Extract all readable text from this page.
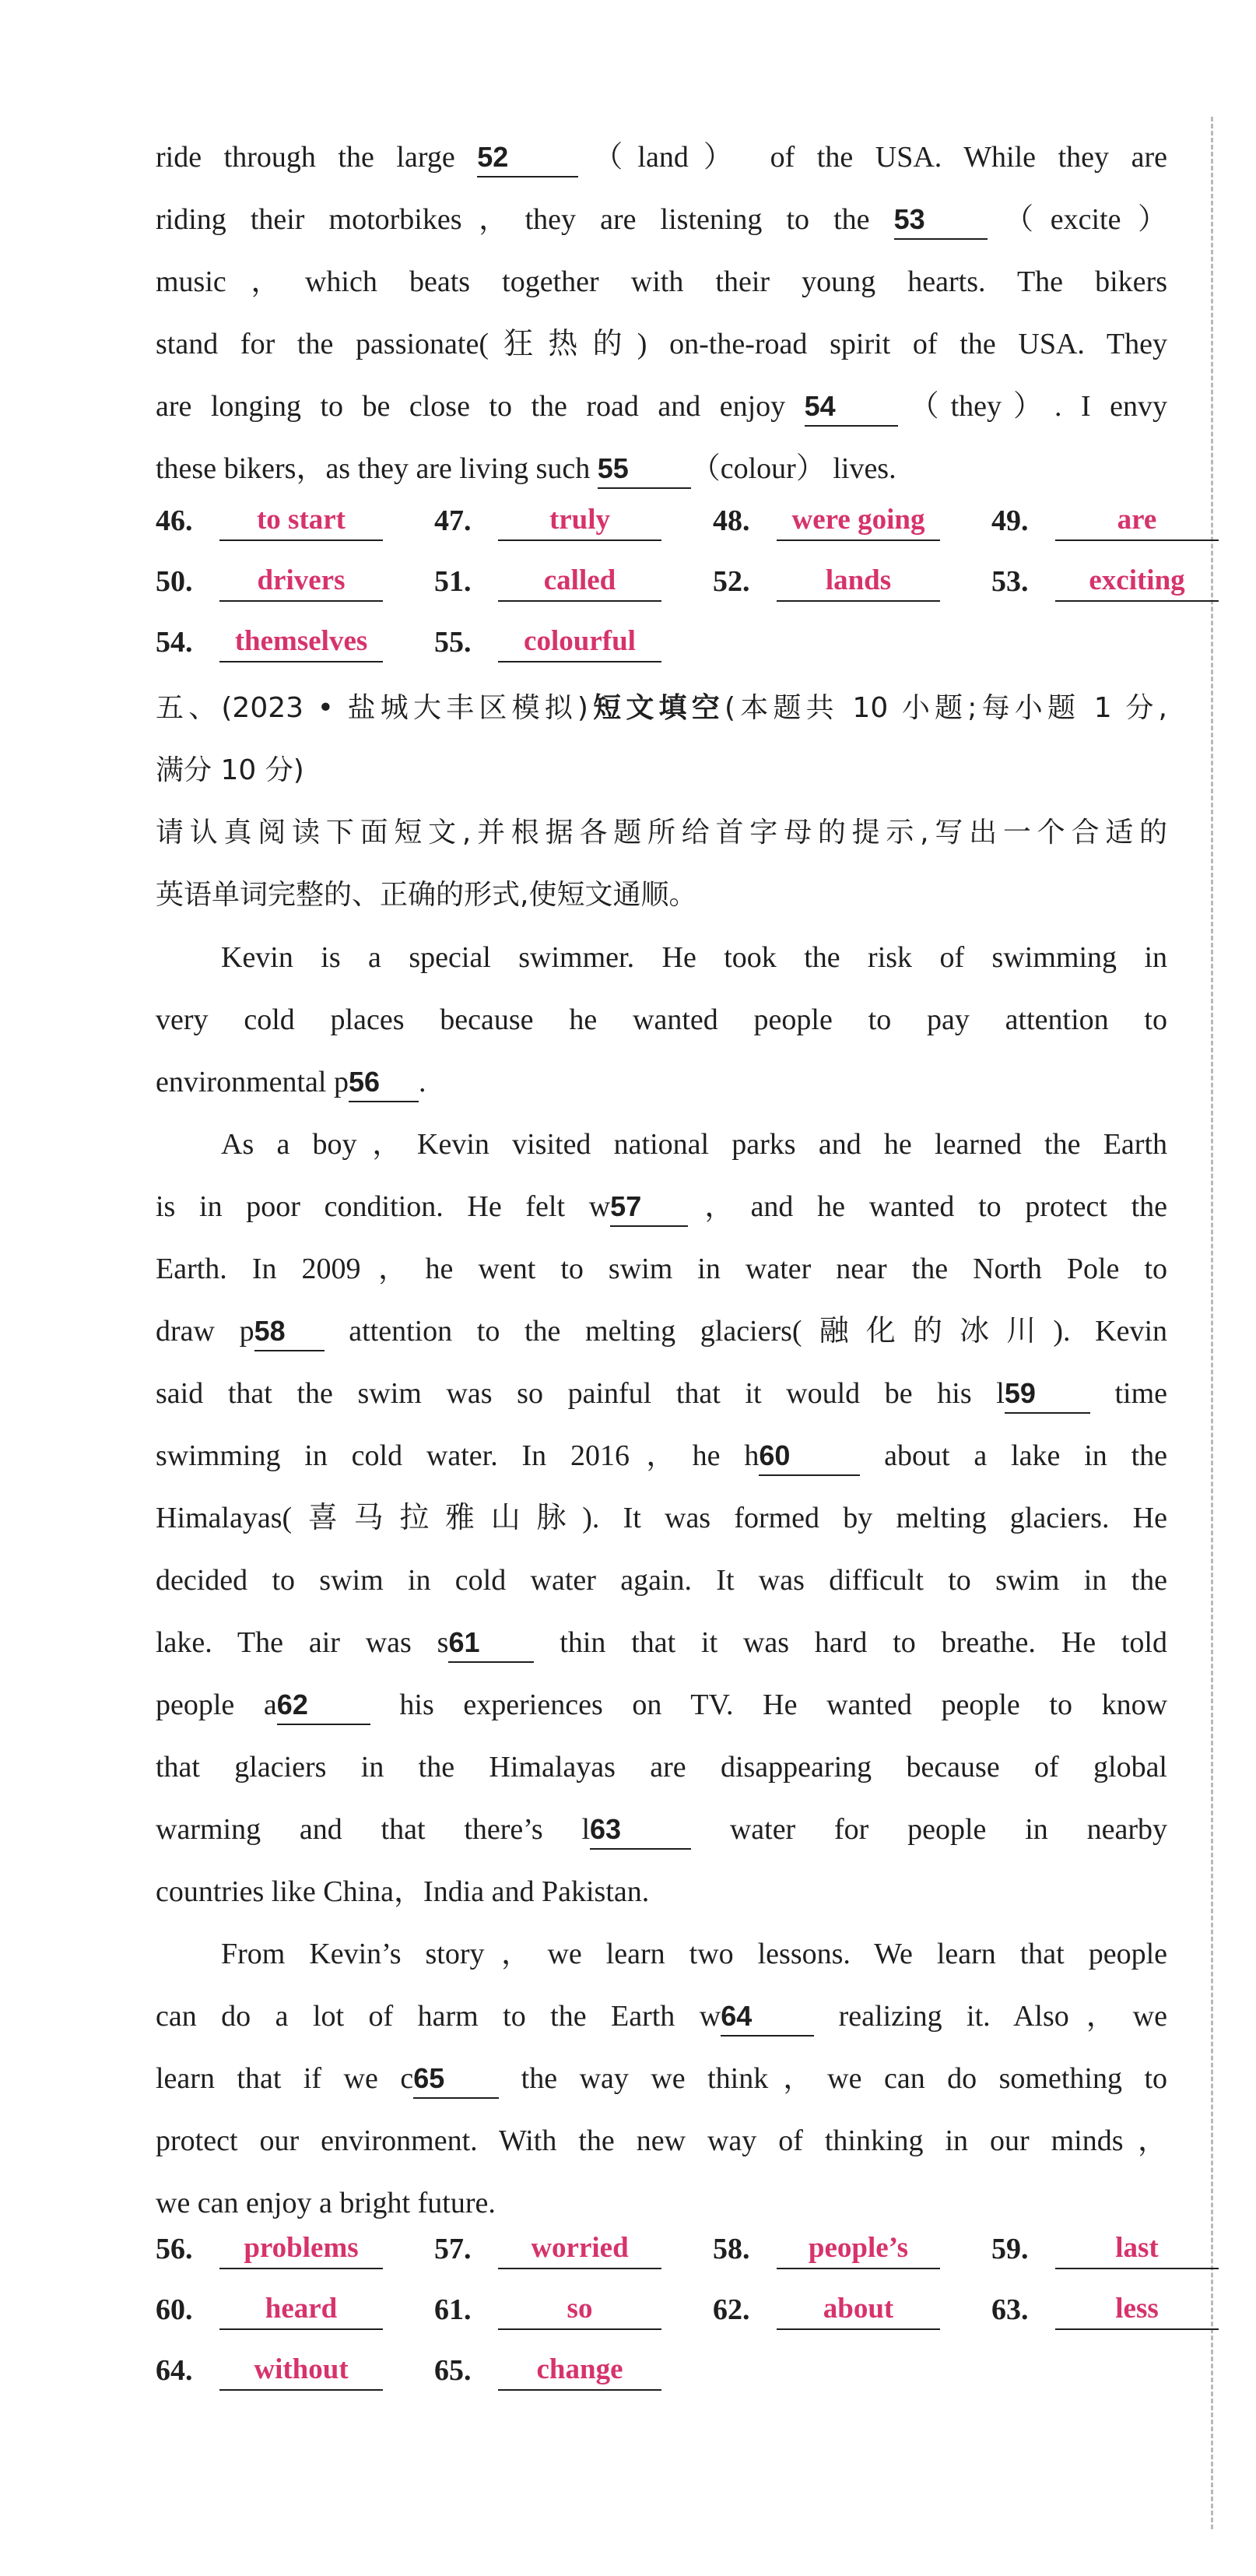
ride through the large 52 （land） of the USA. While they are

riding their motorbikes，they are listening to the 53 （excite）

music，which beats together with their young hearts. The bikers

stand for the passionate(狂热的) on-the-road spirit of the USA. They

are longing to be close to the road and enjoy 54 （they）. I envy

these bikers，as they are living such 55 （colour） lives.

46.	to start	47.	truly	48.	were going	49.	are
50.	drivers	51.	called	52.	lands	53.	exciting
54.	themselves	55.	colourful

五、(2023 • 盐城大丰区模拟)短文填空(本题共 10 小题;每小题 1 分,

满分 10 分)

请认真阅读下面短文,并根据各题所给首字母的提示,写出一个合适的

英语单词完整的、正确的形式,使短文通顺。

Kevin is a special swimmer. He took the risk of swimming in

very cold places because he wanted people to pay attention to

environmental p56 .

As a boy，Kevin visited national parks and he learned the Earth

is in poor condition. He felt w57 ，and he wanted to protect the

Earth. In 2009，he went to swim in water near the North Pole to

draw p58 attention to the melting glaciers(融化的冰川). Kevin

said that the swim was so painful that it would be his l59 time

swimming in cold water. In 2016，he h60 about a lake in the

Himalayas(喜马拉雅山脉). It was formed by melting glaciers. He

decided to swim in cold water again. It was difficult to swim in the

lake. The air was s61 thin that it was hard to breathe. He told

people a62 his experiences on TV. He wanted people to know

that glaciers in the Himalayas are disappearing because of global

warming and that there’s l63 water for people in nearby

countries like China，India and Pakistan.

From Kevin’s story，we learn two lessons. We learn that people

can do a lot of harm to the Earth w64 realizing it. Also，we

learn that if we c65 the way we think，we can do something to

protect our environment. With the new way of thinking in our minds，

we can enjoy a bright future.

56.	problems	57.	worried	58.	people’s	59.	last
60.	heard	61.	so	62.	about	63.	less
64.	without	65.	change
